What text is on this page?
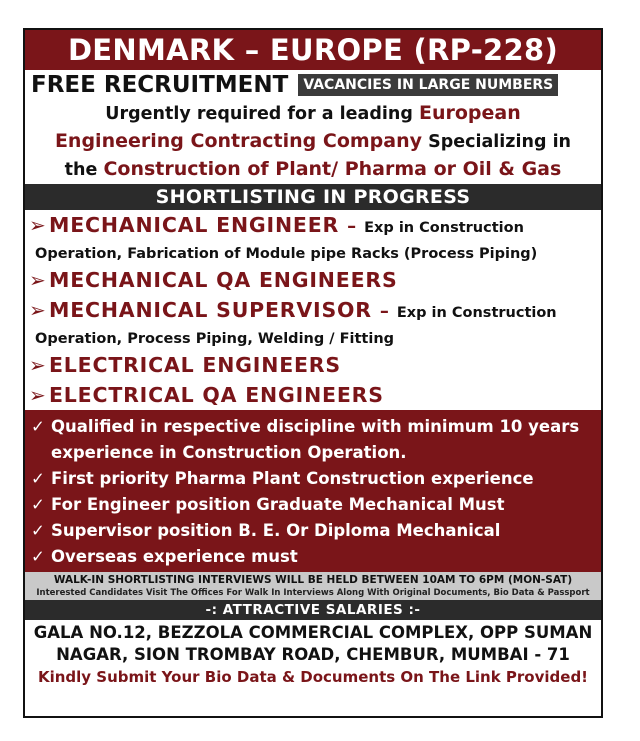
DENMARK – EUROPE (RP-228)
FREE RECRUITMENT	VACANCIES IN LARGE NUMBERS
Urgently required for a leading European
Engineering Contracting Company Specializing in
the Construction of Plant/ Pharma or Oil & Gas
SHORTLISTING IN PROGRESS
➢ MECHANICAL ENGINEER – Exp in Construction
Operation, Fabrication of Module pipe Racks (Process Piping)
➢ MECHANICAL QA ENGINEERS
➢ MECHANICAL SUPERVISOR – Exp in Construction
Operation, Process Piping, Welding / Fitting
➢ ELECTRICAL ENGINEERS
➢ ELECTRICAL QA ENGINEERS
✓ Qualified in respective discipline with minimum 10 years experience in Construction Operation.
✓ First priority Pharma Plant Construction experience
✓ For Engineer position Graduate Mechanical Must
✓ Supervisor position B. E. Or Diploma Mechanical
✓ Overseas experience must
WALK-IN SHORTLISTING INTERVIEWS WILL BE HELD BETWEEN 10AM TO 6PM (MON-SAT)
Interested Candidates Visit The Offices For Walk In Interviews Along With Original Documents, Bio Data & Passport
-: ATTRACTIVE SALARIES :-
GALA NO.12, BEZZOLA COMMERCIAL COMPLEX, OPP SUMAN
NAGAR, SION TROMBAY ROAD, CHEMBUR, MUMBAI - 71
Kindly Submit Your Bio Data & Documents On The Link Provided!
